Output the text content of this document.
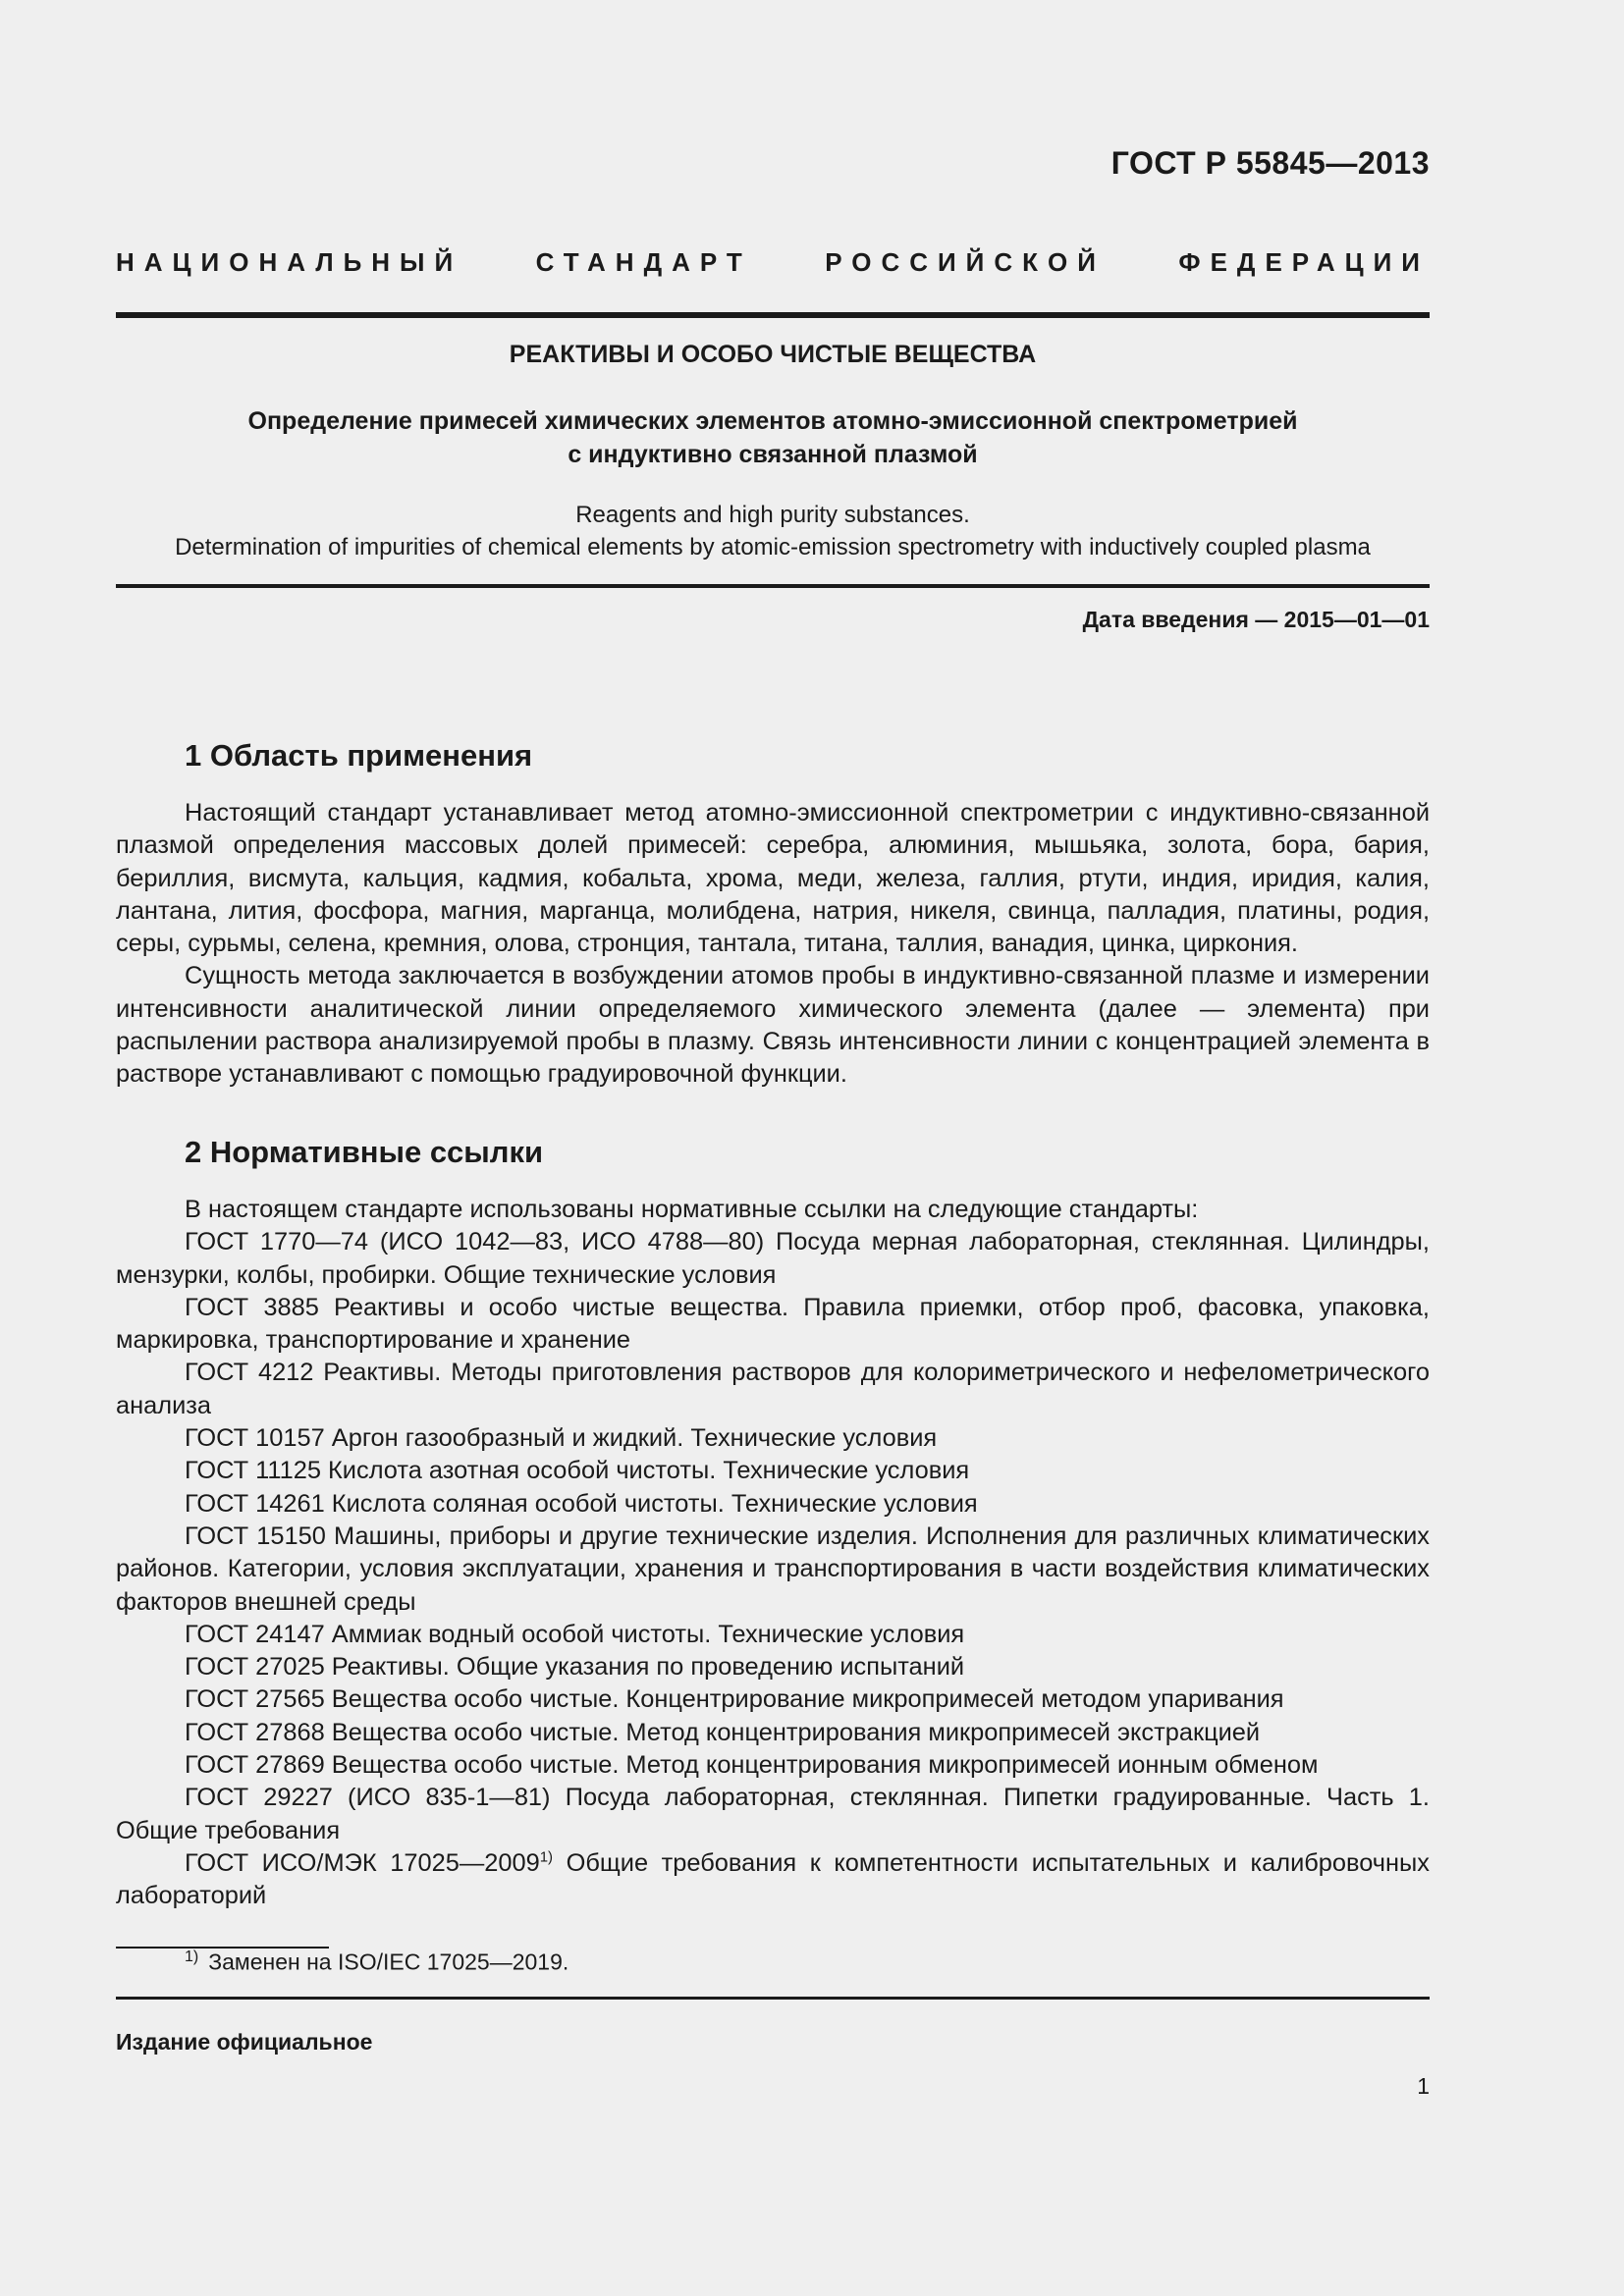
ГОСТ Р 55845—2013
НАЦИОНАЛЬНЫЙ СТАНДАРТ РОССИЙСКОЙ ФЕДЕРАЦИИ
РЕАКТИВЫ И ОСОБО ЧИСТЫЕ ВЕЩЕСТВА
Определение примесей химических элементов атомно-эмиссионной спектрометрией
с индуктивно связанной плазмой
Reagents and high purity substances.
Determination of impurities of chemical elements by atomic-emission spectrometry with inductively coupled plasma
Дата введения — 2015—01—01
1 Область применения

Настоящий стандарт устанавливает метод атомно-эмиссионной спектрометрии с индуктивно-связанной плазмой определения массовых долей примесей: серебра, алюминия, мышьяка, золота, бора, бария, бериллия, висмута, кальция, кадмия, кобальта, хрома, меди, железа, галлия, ртути, индия, иридия, калия, лантана, лития, фосфора, магния, марганца, молибдена, натрия, никеля, свинца, палладия, платины, родия, серы, сурьмы, селена, кремния, олова, стронция, тантала, титана, таллия, ванадия, цинка, циркония.

Сущность метода заключается в возбуждении атомов пробы в индуктивно-связанной плазме и измерении интенсивности аналитической линии определяемого химического элемента (далее — элемента) при распылении раствора анализируемой пробы в плазму. Связь интенсивности линии с концентрацией элемента в растворе устанавливают с помощью градуировочной функции.

2 Нормативные ссылки

В настоящем стандарте использованы нормативные ссылки на следующие стандарты:

ГОСТ 1770—74 (ИСО 1042—83, ИСО 4788—80) Посуда мерная лабораторная, стеклянная. Цилиндры, мензурки, колбы, пробирки. Общие технические условия

ГОСТ 3885 Реактивы и особо чистые вещества. Правила приемки, отбор проб, фасовка, упаковка, маркировка, транспортирование и хранение

ГОСТ 4212 Реактивы. Методы приготовления растворов для колориметрического и нефелометрического анализа

ГОСТ 10157 Аргон газообразный и жидкий. Технические условия

ГОСТ 11125 Кислота азотная особой чистоты. Технические условия

ГОСТ 14261 Кислота соляная особой чистоты. Технические условия

ГОСТ 15150 Машины, приборы и другие технические изделия. Исполнения для различных климатических районов. Категории, условия эксплуатации, хранения и транспортирования в части воздействия климатических факторов внешней среды

ГОСТ 24147 Аммиак водный особой чистоты. Технические условия

ГОСТ 27025 Реактивы. Общие указания по проведению испытаний

ГОСТ 27565 Вещества особо чистые. Концентрирование микропримесей методом упаривания

ГОСТ 27868 Вещества особо чистые. Метод концентрирования микропримесей экстракцией

ГОСТ 27869 Вещества особо чистые. Метод концентрирования микропримесей ионным обменом

ГОСТ 29227 (ИСО 835-1—81) Посуда лабораторная, стеклянная. Пипетки градуированные. Часть 1. Общие требования

ГОСТ ИСО/МЭК 17025—2009$^{1)}$ Общие требования к компетентности испытательных и калибровочных лабораторий

$^{1)}$ Заменен на ISO/IEC 17025—2019.
Издание официальное
1
